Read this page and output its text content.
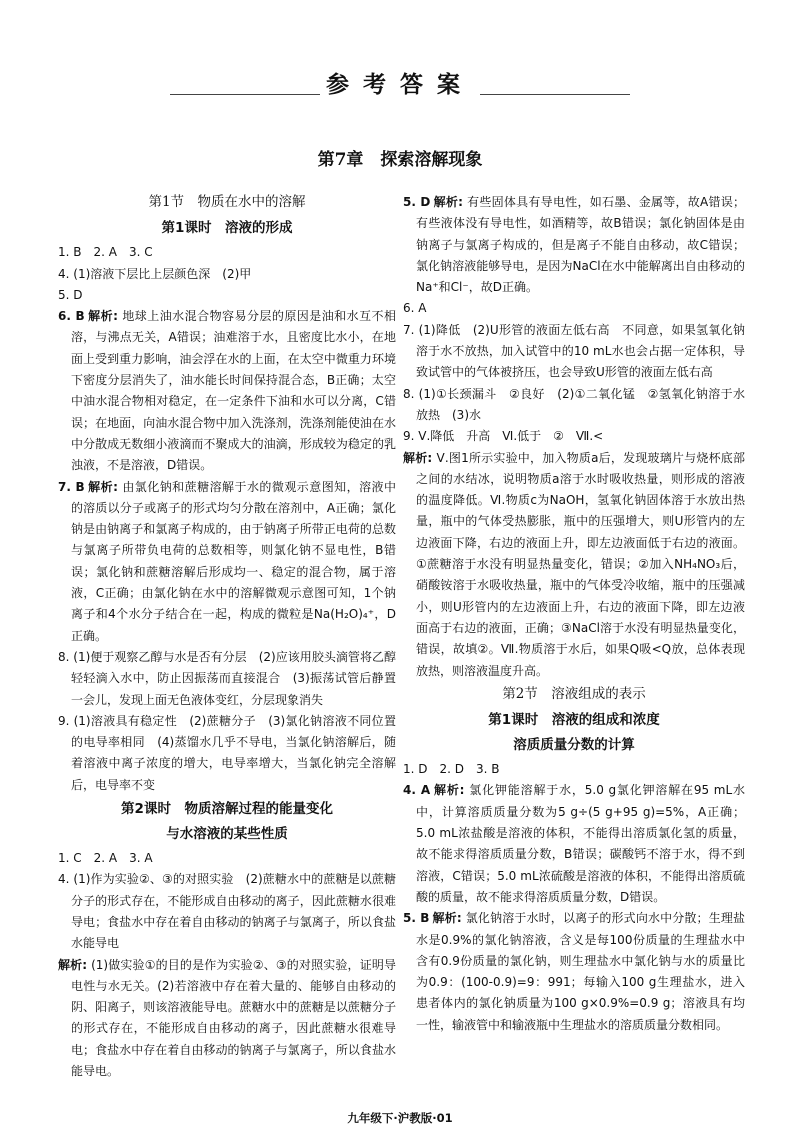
参考答案
第7章　探索溶解现象
第1节　物质在水中的溶解
第1课时　溶液的形成

1. B　2. A　3. C

4. (1)溶液下层比上层颜色深　(2)甲

5. D

6. B 解析: 地球上油水混合物容易分层的原因是油和水互不相溶，与沸点无关，A错误；油难溶于水，且密度比水小，在地面上受到重力影响，油会浮在水的上面，在太空中微重力环境下密度分层消失了，油水能长时间保持混合态，B正确；太空中油水混合物相对稳定，在一定条件下油和水可以分离，C错误；在地面，向油水混合物中加入洗涤剂，洗涤剂能使油在水中分散成无数细小液滴而不聚成大的油滴，形成较为稳定的乳浊液，不是溶液，D错误。

7. B 解析: 由氯化钠和蔗糖溶解于水的微观示意图知，溶液中的溶质以分子或离子的形式均匀分散在溶剂中，A正确；氯化钠是由钠离子和氯离子构成的，由于钠离子所带正电荷的总数与氯离子所带负电荷的总数相等，则氯化钠不显电性，B错误；氯化钠和蔗糖溶解后形成均一、稳定的混合物，属于溶液，C正确；由氯化钠在水中的溶解微观示意图可知，1个钠离子和4个水分子结合在一起，构成的微粒是Na(H₂O)₄⁺，D正确。

8. (1)便于观察乙醇与水是否有分层　(2)应该用胶头滴管将乙醇轻轻滴入水中，防止因振荡而直接混合　(3)振荡试管后静置一会儿，发现上面无色液体变红，分层现象消失

9. (1)溶液具有稳定性　(2)蔗糖分子　(3)氯化钠溶液不同位置的电导率相同　(4)蒸馏水几乎不导电，当氯化钠溶解后，随着溶液中离子浓度的增大，电导率增大，当氯化钠完全溶解后，电导率不变

第2课时　物质溶解过程的能量变化
与水溶液的某些性质

1. C　2. A　3. A

4. (1)作为实验②、③的对照实验　(2)蔗糖水中的蔗糖是以蔗糖分子的形式存在，不能形成自由移动的离子，因此蔗糖水很难导电；食盐水中存在着自由移动的钠离子与氯离子，所以食盐水能导电

解析: (1)做实验①的目的是作为实验②、③的对照实验，证明导电性与水无关。(2)若溶液中存在着大量的、能够自由移动的阴、阳离子，则该溶液能导电。蔗糖水中的蔗糖是以蔗糖分子的形式存在，不能形成自由移动的离子，因此蔗糖水很难导电；食盐水中存在着自由移动的钠离子与氯离子，所以食盐水能导电。

5. D 解析: 有些固体具有导电性，如石墨、金属等，故A错误；有些液体没有导电性，如酒精等，故B错误；氯化钠固体是由钠离子与氯离子构成的，但是离子不能自由移动，故C错误；氯化钠溶液能够导电，是因为NaCl在水中能解离出自由移动的Na⁺和Cl⁻，故D正确。

6. A

7. (1)降低　(2)U形管的液面左低右高　不同意，如果氢氧化钠溶于水不放热，加入试管中的10 mL水也会占据一定体积，导致试管中的气体被挤压，也会导致U形管的液面左低右高

8. (1)①长颈漏斗　②良好　(2)①二氧化锰　②氢氧化钠溶于水放热　(3)水

9. Ⅴ.降低　升高　Ⅵ.低于　②　Ⅶ.<

解析: Ⅴ.图1所示实验中，加入物质a后，发现玻璃片与烧杯底部之间的水结冰，说明物质a溶于水时吸收热量，则形成的溶液的温度降低。Ⅵ.物质c为NaOH，氢氧化钠固体溶于水放出热量，瓶中的气体受热膨胀，瓶中的压强增大，则U形管内的左边液面下降，右边的液面上升，即左边液面低于右边的液面。①蔗糖溶于水没有明显热量变化，错误；②加入NH₄NO₃后，硝酸铵溶于水吸收热量，瓶中的气体受冷收缩，瓶中的压强减小，则U形管内的左边液面上升，右边的液面下降，即左边液面高于右边的液面，正确；③NaCl溶于水没有明显热量变化，错误，故填②。Ⅶ.物质溶于水后，如果Q吸<Q放，总体表现放热，则溶液温度升高。

第2节　溶液组成的表示
第1课时　溶液的组成和浓度
溶质质量分数的计算

1. D　2. D　3. B

4. A 解析: 氯化钾能溶解于水，5.0 g氯化钾溶解在95 mL水中，计算溶质质量分数为5 g÷(5 g+95 g)=5%，A正确；5.0 mL浓盐酸是溶液的体积，不能得出溶质氯化氢的质量，故不能求得溶质质量分数，B错误；碳酸钙不溶于水，得不到溶液，C错误；5.0 mL浓硫酸是溶液的体积，不能得出溶质硫酸的质量，故不能求得溶质质量分数，D错误。

5. B 解析: 氯化钠溶于水时，以离子的形式向水中分散；生理盐水是0.9%的氯化钠溶液，含义是每100份质量的生理盐水中含有0.9份质量的氯化钠，则生理盐水中氯化钠与水的质量比为0.9：(100-0.9)=9：991；每输入100 g生理盐水，进入患者体内的氯化钠质量为100 g×0.9%=0.9 g；溶液具有均一性，输液管中和输液瓶中生理盐水的溶质质量分数相同。

九年级下·沪教版·01
